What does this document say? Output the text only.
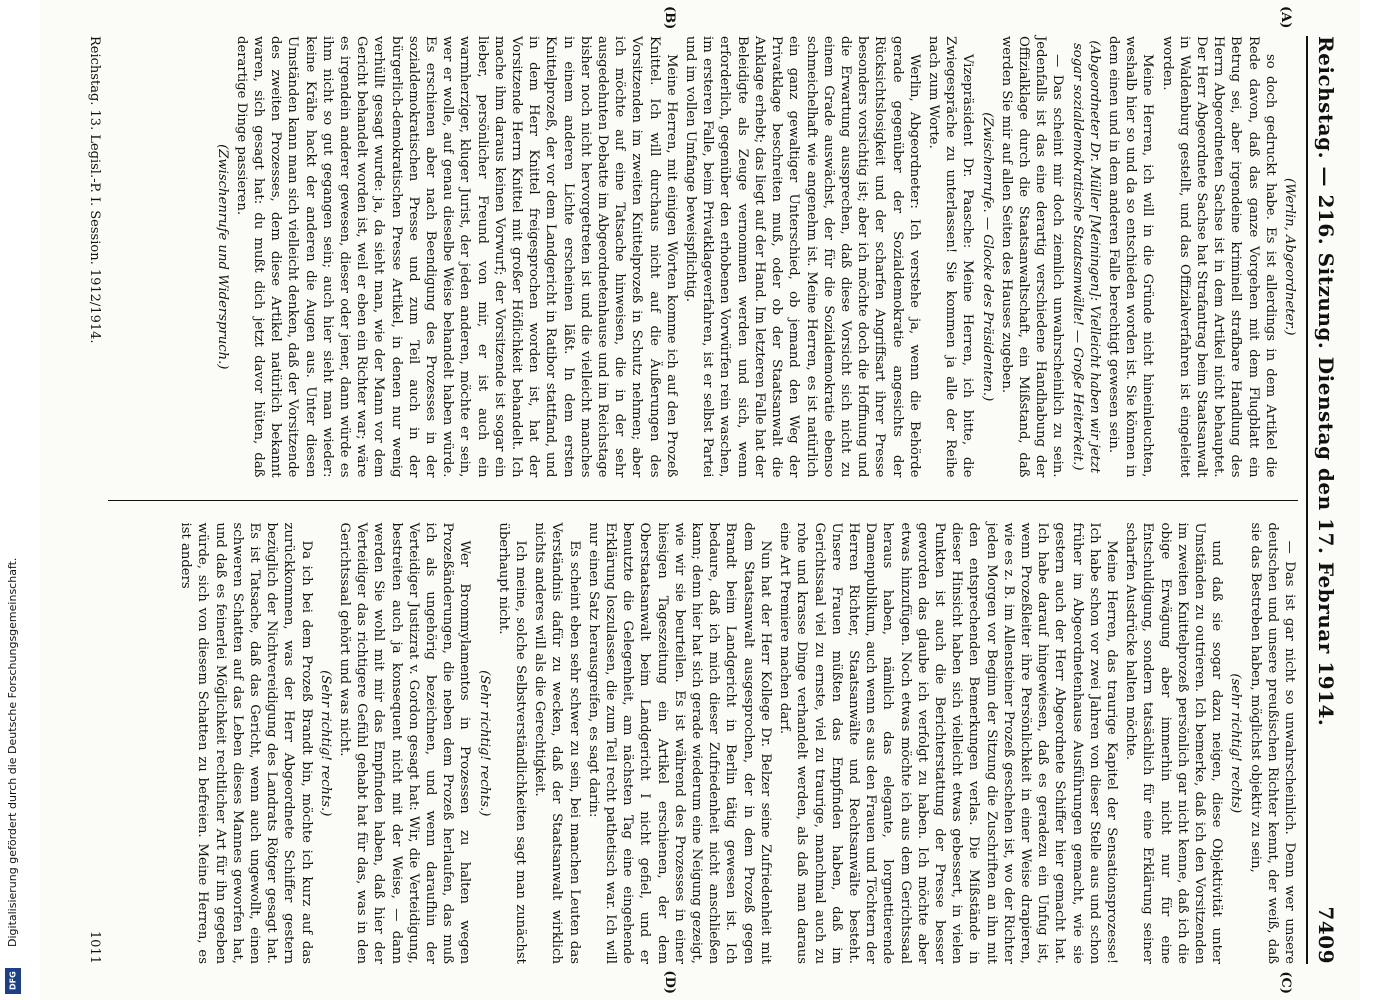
Digitalisierung gefördert durch die Deutsche Forschungsgemeinschaft.
DFG
Reichstag. — 216. Sitzung. Dienstag den 17. Februar 1914.
7409
(A)
(B)

(Werlin, Abgeordneter.)

so doch gedruckt habe. Es ist allerdings in dem Artikel die Rede davon, daß das ganze Vorgehen mit dem Flugblatt ein Betrug sei, aber irgendeine kriminell strafbare Handlung des Herrn Abgeordneten Sachse ist in dem Artikel nicht behauptet. Der Herr Abgeordnete Sachse hat Strafantrag beim Staatsanwalt in Waldenburg gestellt, und das Offizialverfahren ist eingeleitet worden.

Meine Herren, ich will in die Gründe nicht hineinleuchten, weshalb hier so und da so entschieden worden ist. Sie können in dem einen und in dem anderen Falle berechtigt gewesen sein.

(Abgeordneter Dr. Müller [Meiningen]: Vielleicht haben wir jetzt sogar sozialdemokratische Staatsanwälte! — Große Heiterkeit.)

— Das scheint mir doch ziemlich unwahrscheinlich zu sein. Jedenfalls ist das eine derartig verschiedene Handhabung der Offizialklage durch die Staatsanwaltschaft, ein Mißstand, daß werden Sie mir auf allen Seiten des Hauses zugeben.

(Zwischenrufe. — Glocke des Präsidenten.)

Vizepräsident Dr. Paasche: Meine Herren, ich bitte, die Zwiegespräche zu unterlassen! Sie kommen ja alle der Reihe nach zum Worte.

Werlin, Abgeordneter: Ich verstehe ja, wenn die Behörde gerade gegenüber der Sozialdemokratie angesichts der Rücksichtslosigkeit und der scharfen Angriffsart ihrer Presse besonders vorsichtig ist; aber ich möchte doch die Hoffnung und die Erwartung aussprechen, daß diese Vorsicht sich nicht zu einem Grade auswächst, der für die Sozialdemokratie ebenso schmeichelhaft wie angenehm ist. Meine Herren, es ist natürlich ein ganz gewaltiger Unterschied, ob jemand den Weg der Privatklage beschreiten muß, oder ob der Staatsanwalt die Anklage erhebt; das liegt auf der Hand. Im letzteren Falle hat der Beleidigte als Zeuge vernommen werden und sich, wenn erforderlich, gegenüber den erhobenen Vorwürfen rein waschen, im ersteren Falle, beim Privatklageverfahren, ist er selbst Partei und im vollen Umfange beweispflichtig.

Meine Herren, mit einigen Worten komme ich auf den Prozeß Knittel. Ich will durchaus nicht auf die Äußerungen des Vorsitzenden im zweiten Knittelprozeß in Schutz nehmen; aber ich möchte auf eine Tatsache hinweisen, die in der sehr ausgedehnten Debatte im Abgeordnetenhause und im Reichstage bisher noch nicht hervorgetreten ist und die vielleicht manches in einem anderen Lichte erscheinen läßt. In dem ersten Knittelprozeß, der vor dem Landgericht in Ratibor stattfand, und in dem Herr Knittel freigesprochen worden ist, hat der Vorsitzende Herrn Knittel mit großer Höflichkeit behandelt. Ich mache ihm daraus keinen Vorwurf; der Vorsitzende ist sogar ein lieber, persönlicher Freund von mir, er ist auch ein warmherziger, kluger Jurist, der jeden anderen, möchte er sein, wer er wolle, auf genau dieselbe Weise behandelt haben würde. Es erschienen aber nach Beendigung des Prozesses in der sozialdemokratischen Presse und zum Teil auch in der bürgerlich-demokratischen Presse Artikel, in denen nur wenig verhüllt gesagt wurde: ja, da sieht man, wie der Mann vor dem Gericht behandelt worden ist, weil er eben ein Richter war; wäre es irgendein anderer gewesen, dieser oder jener, dann würde es ihm nicht so gut gegangen sein; auch hier sieht man wieder: keine Krähe hackt der anderen die Augen aus. Unter diesen Umständen kann man sich vielleicht denken, daß der Vorsitzende des zweiten Prozesses, dem diese Artikel natürlich bekannt waren, sich gesagt hat: du mußt dich jetzt davor hüten, daß derartige Dinge passieren.

(Zwischenrufe und Widerspruch.)

(C)
(D)

— Das ist gar nicht so unwahrscheinlich. Denn wer unsere deutschen und unsere preußischen Richter kennt, der weiß, daß sie das Bestreben haben, möglichst objektiv zu sein,

(sehr richtig! rechts)

und daß sie sogar dazu neigen, diese Objektivität unter Umständen zu outrieren. Ich bemerke, daß ich den Vorsitzenden im zweiten Knittelprozeß persönlich gar nicht kenne, daß ich die obige Erwägung aber immerhin nicht nur für eine Entschuldigung, sondern tatsächlich für eine Erklärung seiner scharfen Ausdrücke halten möchte.

Meine Herren, das traurige Kapitel der Sensationsprozesse! Ich habe schon vor zwei Jahren von dieser Stelle aus und schon früher im Abgeordnetenhause Ausführungen gemacht, wie sie gestern auch der Herr Abgeordnete Schiffer hier gemacht hat. Ich habe darauf hingewiesen, daß es geradezu ein Unfug ist, wenn Prozeßleiter ihre Persönlichkeit in einer Weise drapieren, wie es z. B. im Allensteiner Prozeß geschehen ist, wo der Richter jeden Morgen vor Beginn der Sitzung die Zuschriften an ihn mit den entsprechenden Bemerkungen verlas. Die Mißstände in dieser Hinsicht haben sich vielleicht etwas gebessert, in vielen Punkten ist auch die Berichterstattung der Presse besser geworden das glaube ich verfolgt zu haben. Ich möchte aber etwas hinzufügen. Noch etwas möchte ich aus dem Gerichtssaal heraus haben, nämlich das elegante, lorgnettierende Damenpublikum, auch wenn es aus den Frauen und Töchtern der Herren Richter, Staatsanwälte und Rechtsanwälte besteht. Unsere Frauen müßten das Empfinden haben, daß im Gerichtssaal viel zu ernste, viel zu traurige, manchmal auch zu rohe und krasse Dinge verhandelt werden, als daß man daraus eine Art Premiere machen darf.

Nun hat der Herr Kollege Dr. Belzer seine Zufriedenheit mit dem Staatsanwalt ausgesprochen, der in dem Prozeß gegen Brandt beim Landgericht in Berlin tätig gewesen ist. Ich bedaure, daß ich mich dieser Zufriedenheit nicht anschließen kann; denn hier hat sich gerade wiederum eine Neigung gezeigt, wie wir sie beurteilen. Es ist während des Prozesses in einer hiesigen Tageszeitung ein Artikel erschienen, der dem Oberstaatsanwalt beim Landgericht I nicht gefiel, und er benutzte die Gelegenheit, am nächsten Tag eine eingehende Erklärung loszulassen, die zum Teil recht pathetisch war. Ich will nur einen Satz herausgreifen, es sagt darin:

Es scheint eben sehr schwer zu sein, bei manchen Leuten das Verständnis dafür zu wecken, daß der Staatsanwalt wirklich nichts anderes will als die Gerechtigkeit.

Ich meine, solche Selbstverständlichkeiten sagt man zunächst überhaupt nicht.

(Sehr richtig! rechts.)

Wer Brommylamentos in Prozessen zu halten wegen Prozeßänderungen, die neben dem Prozeß herlaufen, das muß ich als ungehörig bezeichnen, und wenn daraufhin der Verteidiger Justizrat v. Gordon gesagt hat: Wir, die Verteidigung, bestreiten auch ja konsequent nicht mit der Weise, — dann werden Sie wohl mit mir das Empfinden haben, daß hier der Verteidiger das richtigere Gefühl gehabt hat für das, was in den Gerichtssaal gehört und was nicht.

(Sehr richtig! rechts.)

Da ich bei dem Prozeß Brandt bin, möchte ich kurz auf das zurückkommen, was der Herr Abgeordnete Schiffer gestern bezüglich der Nichtvereidigung des Landrats Rötger gesagt hat. Es ist Tatsache, daß das Gericht, wenn auch ungewollt, einen schweren Schatten auf das Leben dieses Mannes geworfen hat, und daß es feinerlei Möglichkeit rechtlicher Art für ihn gegeben würde, sich von diesem Schatten zu befreien. Meine Herren, es ist anders

Reichstag. 13. Legisl.-P. I. Session. 1912/1914.
1011
